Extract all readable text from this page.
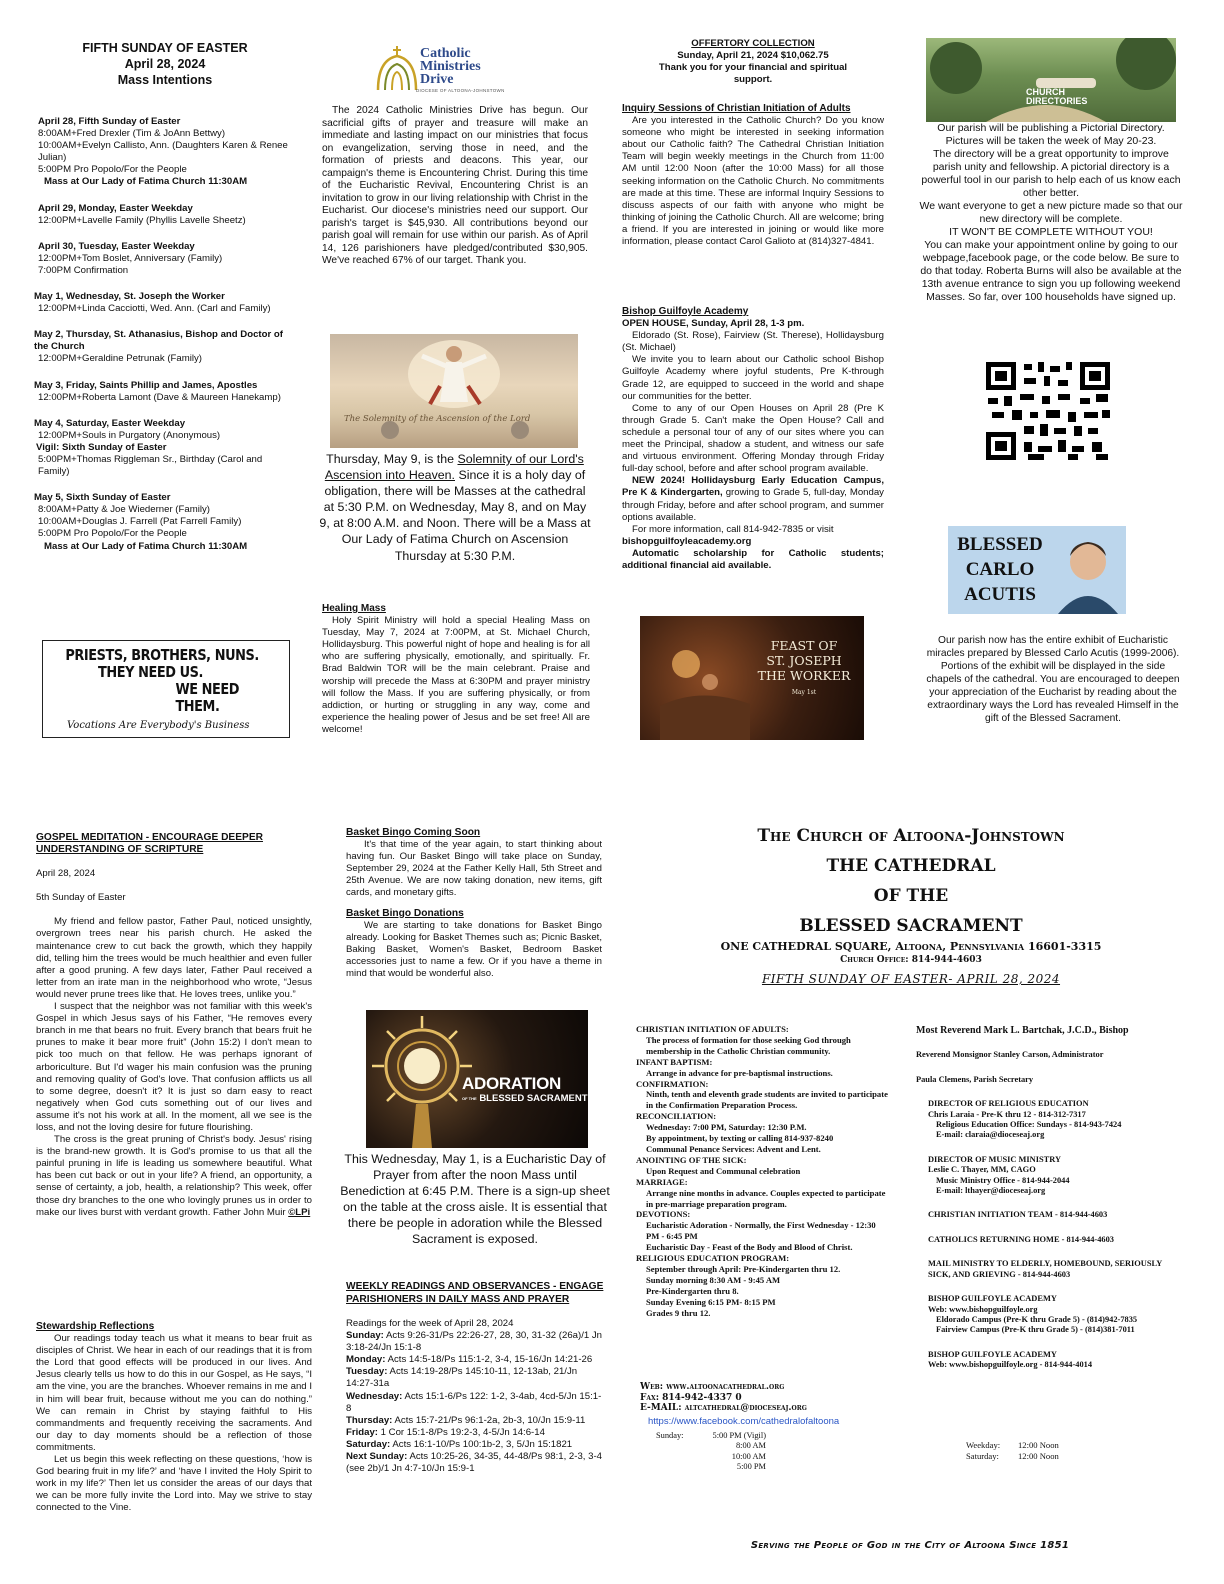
FIFTH SUNDAY OF EASTER
April 28, 2024
Mass Intentions
April 28, Fifth Sunday of Easter
8:00AM+Fred Drexler (Tim & JoAnn Bettwy)
10:00AM+Evelyn Callisto, Ann. (Daughters Karen & Renee Julian)
5:00PM Pro Popolo/For the People
Mass at Our Lady of Fatima Church 11:30AM
April 29, Monday, Easter Weekday
12:00PM+Lavelle Family (Phyllis Lavelle Sheetz)
April 30, Tuesday, Easter Weekday
12:00PM+Tom Boslet, Anniversary (Family)
7:00PM Confirmation
May 1, Wednesday, St. Joseph the Worker
12:00PM+Linda Cacciotti, Wed. Ann. (Carl and Family)
May 2, Thursday, St. Athanasius, Bishop and Doctor of the Church
12:00PM+Geraldine Petrunak (Family)
May 3, Friday, Saints Phillip and James, Apostles
12:00PM+Roberta Lamont (Dave & Maureen Hanekamp)
May 4, Saturday, Easter Weekday
12:00PM+Souls in Purgatory (Anonymous)
Vigil: Sixth Sunday of Easter
5:00PM+Thomas Riggleman Sr., Birthday (Carol and Family)
May 5, Sixth Sunday of Easter
8:00AM+Patty & Joe Wiederner (Family)
10:00AM+Douglas J. Farrell (Pat Farrell Family)
5:00PM Pro Popolo/For the People
Mass at Our Lady of Fatima Church 11:30AM
PRIESTS, BROTHERS, NUNS.
THEY NEED US.
WE NEED THEM.
Vocations Are Everybody's Business
Catholic
Ministries
Drive
DIOCESE OF ALTOONA-JOHNSTOWN
The 2024 Catholic Ministries Drive has begun. Our sacrificial gifts of prayer and treasure will make an immediate and lasting impact on our ministries that focus on evangelization, serving those in need, and the formation of priests and deacons. This year, our campaign's theme is Encountering Christ. During this time of the Eucharistic Revival, Encountering Christ is an invitation to grow in our living relationship with Christ in the Eucharist. Our diocese's ministries need our support. Our parish's target is $45,930. All contributions beyond our parish goal will remain for use within our parish. As of April 14, 126 parishioners have pledged/contributed $30,905. We've reached 67% of our target. Thank you.
The Solemnity of the Ascension of the Lord
Thursday, May 9, is the Solemnity of our Lord's Ascension into Heaven. Since it is a holy day of obligation, there will be Masses at the cathedral at 5:30 P.M. on Wednesday, May 8, and on May 9, at 8:00 A.M. and Noon. There will be a Mass at Our Lady of Fatima Church on Ascension Thursday at 5:30 P.M.
Healing Mass
Holy Spirit Ministry will hold a special Healing Mass on Tuesday, May 7, 2024 at 7:00PM, at St. Michael Church, Hollidaysburg. This powerful night of hope and healing is for all who are suffering physically, emotionally, and spiritually. Fr. Brad Baldwin TOR will be the main celebrant. Praise and worship will precede the Mass at 6:30PM and prayer ministry will follow the Mass. If you are suffering physically, or from addiction, or hurting or struggling in any way, come and experience the healing power of Jesus and be set free! All are welcome!
OFFERTORY COLLECTION
Sunday, April 21, 2024 $10,062.75
Thank you for your financial and spiritual support.
Inquiry Sessions of Christian Initiation of Adults
Are you interested in the Catholic Church? Do you know someone who might be interested in seeking information about our Catholic faith? The Cathedral Christian Initiation Team will begin weekly meetings in the Church from 11:00 AM until 12:00 Noon (after the 10:00 Mass) for all those seeking information on the Catholic Church. No commitments are made at this time. These are informal Inquiry Sessions to discuss aspects of our faith with anyone who might be thinking of joining the Catholic Church. All are welcome; bring a friend. If you are interested in joining or would like more information, please contact Carol Galioto at (814)327-4841.
Bishop Guilfoyle Academy
OPEN HOUSE, Sunday, April 28, 1-3 pm.
Eldorado (St. Rose), Fairview (St. Therese), Hollidaysburg (St. Michael)
We invite you to learn about our Catholic school Bishop Guilfoyle Academy where joyful students, Pre K-through Grade 12, are equipped to succeed in the world and shape our communities for the better.
Come to any of our Open Houses on April 28 (Pre K through Grade 5. Can't make the Open House? Call and schedule a personal tour of any of our sites where you can meet the Principal, shadow a student, and witness our safe and virtuous environment. Offering Monday through Friday full-day school, before and after school program available.
NEW 2024! Hollidaysburg Early Education Campus, Pre K & Kindergarten, growing to Grade 5, full-day, Monday through Friday, before and after school program, and summer options available.
For more information, call 814-942-7835 or visit bishopguilfoyleacademy.org
Automatic scholarship for Catholic students; additional financial aid available.
FEAST OF
ST. JOSEPH
THE WORKER
May 1st
CHURCH
DIRECTORIES
Our parish will be publishing a Pictorial Directory. Pictures will be taken the week of May 20-23.
The directory will be a great opportunity to improve parish unity and fellowship. A pictorial directory is a powerful tool in our parish to help each of us know each other better.
We want everyone to get a new picture made so that our new directory will be complete.
IT WON'T BE COMPLETE WITHOUT YOU!
You can make your appointment online by going to our webpage,facebook page, or the code below. Be sure to do that today. Roberta Burns will also be available at the 13th avenue entrance to sign you up following weekend Masses. So far, over 100 households have signed up.
BLESSED
CARLO
ACUTIS
Our parish now has the entire exhibit of Eucharistic miracles prepared by Blessed Carlo Acutis (1999-2006). Portions of the exhibit will be displayed in the side chapels of the cathedral. You are encouraged to deepen your appreciation of the Eucharist by reading about the extraordinary ways the Lord has revealed Himself in the gift of the Blessed Sacrament.
GOSPEL MEDITATION - ENCOURAGE DEEPER UNDERSTANDING OF SCRIPTURE
April 28, 2024
5th Sunday of Easter
My friend and fellow pastor, Father Paul, noticed unsightly, overgrown trees near his parish church. He asked the maintenance crew to cut back the growth, which they happily did, telling him the trees would be much healthier and even fuller after a good pruning. A few days later, Father Paul received a letter from an irate man in the neighborhood who wrote, “Jesus would never prune trees like that. He loves trees, unlike you.”
I suspect that the neighbor was not familiar with this week's Gospel in which Jesus says of his Father, “He removes every branch in me that bears no fruit. Every branch that bears fruit he prunes to make it bear more fruit” (John 15:2) I don't mean to pick too much on that fellow. He was perhaps ignorant of arboriculture. But I'd wager his main confusion was the pruning and removing quality of God's love. That confusion afflicts us all to some degree, doesn't it? It is just so darn easy to react negatively when God cuts something out of our lives and assume it's not his work at all. In the moment, all we see is the loss, and not the loving desire for future flourishing.
The cross is the great pruning of Christ's body. Jesus' rising is the brand-new growth. It is God's promise to us that all the painful pruning in life is leading us somewhere beautiful. What has been cut back or out in your life? A friend, an opportunity, a sense of certainty, a job, health, a relationship? This week, offer those dry branches to the one who lovingly prunes us in order to make our lives burst with verdant growth. Father John Muir ©LPi
Stewardship Reflections
Our readings today teach us what it means to bear fruit as disciples of Christ. We hear in each of our readings that it is from the Lord that good effects will be produced in our lives. And Jesus clearly tells us how to do this in our Gospel, as He says, “I am the vine, you are the branches. Whoever remains in me and I in him will bear fruit, because without me you can do nothing.” We can remain in Christ by staying faithful to His commandments and frequently receiving the sacraments. And our day to day moments should be a reflection of those commitments.
Let us begin this week reflecting on these questions, ‘how is God bearing fruit in my life?’ and ‘have I invited the Holy Spirit to work in my life?’ Then let us consider the areas of our days that we can be more fully invite the Lord into. May we strive to stay connected to the Vine.
Basket Bingo Coming Soon
It's that time of the year again, to start thinking about having fun. Our Basket Bingo will take place on Sunday, September 29, 2024 at the Father Kelly Hall, 5th Street and 25th Avenue. We are now taking donation, new items, gift cards, and monetary gifts.
Basket Bingo Donations
We are starting to take donations for Basket Bingo already. Looking for Basket Themes such as; Picnic Basket, Baking Basket, Women's Basket, Bedroom Basket accessories just to name a few. Or if you have a theme in mind that would be wonderful also.
ADORATION
OF THE BLESSED SACRAMENT
This Wednesday, May 1, is a Eucharistic Day of Prayer from after the noon Mass until Benediction at 6:45 P.M. There is a sign-up sheet on the table at the cross aisle. It is essential that there be people in adoration while the Blessed Sacrament is exposed.
WEEKLY READINGS AND OBSERVANCES - ENGAGE PARISHIONERS IN DAILY MASS AND PRAYER
Readings for the week of April 28, 2024
Sunday: Acts 9:26-31/Ps 22:26-27, 28, 30, 31-32 (26a)/1 Jn 3:18-24/Jn 15:1-8
Monday: Acts 14:5-18/Ps 115:1-2, 3-4, 15-16/Jn 14:21-26
Tuesday: Acts 14:19-28/Ps 145:10-11, 12-13ab, 21/Jn 14:27-31a
Wednesday: Acts 15:1-6/Ps 122: 1-2, 3-4ab, 4cd-5/Jn 15:1-8
Thursday: Acts 15:7-21/Ps 96:1-2a, 2b-3, 10/Jn 15:9-11
Friday: 1 Cor 15:1-8/Ps 19:2-3, 4-5/Jn 14:6-14
Saturday: Acts 16:1-10/Ps 100:1b-2, 3, 5/Jn 15:1821
Next Sunday: Acts 10:25-26, 34-35, 44-48/Ps 98:1, 2-3, 3-4 (see 2b)/1 Jn 4:7-10/Jn 15:9-1
The Church of Altoona-Johnstown
THE CATHEDRAL
OF THE
BLESSED SACRAMENT
ONE CATHEDRAL SQUARE, Altoona, Pennsylvania 16601-3315
Church Office: 814-944-4603
FIFTH SUNDAY OF EASTER- APRIL 28, 2024
CHRISTIAN INITIATION OF ADULTS:
The process of formation for those seeking God through membership in the Catholic Christian community.
INFANT BAPTISM:
Arrange in advance for pre-baptismal instructions.
CONFIRMATION:
Ninth, tenth and eleventh grade students are invited to participate in the Confirmation Preparation Process.
RECONCILIATION:
Wednesday: 7:00 PM, Saturday: 12:30 P.M.
By appointment, by texting or calling 814-937-8240
Communal Penance Services: Advent and Lent.
ANOINTING OF THE SICK:
Upon Request and Communal celebration
MARRIAGE:
Arrange nine months in advance. Couples expected to participate in pre-marriage preparation program.
DEVOTIONS:
Eucharistic Adoration - Normally, the First Wednesday - 12:30 PM - 6:45 PM
Eucharistic Day - Feast of the Body and Blood of Christ.
RELIGIOUS EDUCATION PROGRAM:
September through April: Pre-Kindergarten thru 12.
Sunday morning 8:30 AM - 9:45 AM
Pre-Kindergarten thru 8.
Sunday Evening 6:15 PM- 8:15 PM
Grades 9 thru 12.
Web: www.altoonacathedral.org
Fax: 814-942-4337 0
E-MAIL: altcathedral@dioceseaj.org
https://www.facebook.com/cathedralofaltoona
Sunday:	5:00 PM (Vigil)
8:00 AM
10:00 AM
5:00 PM
Weekday:	12:00 Noon
Saturday:	12:00 Noon
Most Reverend Mark L. Bartchak, J.C.D., Bishop
Reverend Monsignor Stanley Carson, Administrator
Paula Clemens, Parish Secretary
DIRECTOR OF RELIGIOUS EDUCATION
Chris Laraia - Pre-K thru 12 - 814-312-7317
Religious Education Office: Sundays - 814-943-7424
E-mail: claraia@dioceseaj.org
DIRECTOR OF MUSIC MINISTRY
Leslie C. Thayer, MM, CAGO
Music Ministry Office - 814-944-2044
E-mail: lthayer@dioceseaj.org
CHRISTIAN INITIATION TEAM - 814-944-4603
CATHOLICS RETURNING HOME - 814-944-4603
MAIL MINISTRY TO ELDERLY, HOMEBOUND, SERIOUSLY SICK, AND GRIEVING - 814-944-4603
BISHOP GUILFOYLE ACADEMY
Web: www.bishopguilfoyle.org
Eldorado Campus (Pre-K thru Grade 5) - (814)942-7835
Fairview Campus (Pre-K thru Grade 5) - (814)381-7011
BISHOP GUILFOYLE ACADEMY
Web: www.bishopguilfoyle.org - 814-944-4014
Serving the People of God in the City of Altoona Since 1851
